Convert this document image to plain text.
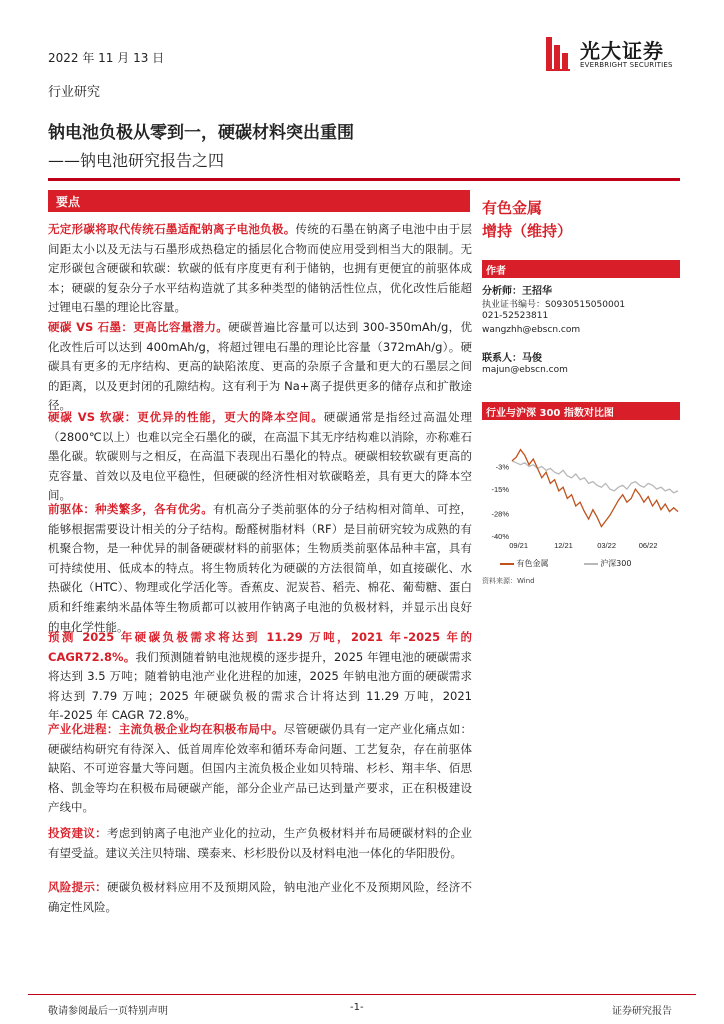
2022 年 11 月 13 日	光大证券
EVERBRIGHT SECURITIES
行业研究
钠电池负极从零到一，硬碳材料突出重围
——钠电池研究报告之四
要点
无定形碳将取代传统石墨适配钠离子电池负极。传统的石墨在钠离子电池中由于层间距太小以及无法与石墨形成热稳定的插层化合物而使应用受到相当大的限制。无定形碳包含硬碳和软碳：软碳的低有序度更有利于储钠，也拥有更便宜的前驱体成本；硬碳的复杂分子水平结构造就了其多种类型的储钠活性位点，优化改性后能超过锂电石墨的理论比容量。
硬碳 VS 石墨：更高比容量潜力。硬碳普遍比容量可以达到 300-350mAh/g，优化改性后可以达到 400mAh/g，将超过锂电石墨的理论比容量（372mAh/g）。硬碳具有更多的无序结构、更高的缺陷浓度、更高的杂原子含量和更大的石墨层之间的距离，以及更封闭的孔隙结构。这有利于为 Na+离子提供更多的储存点和扩散途径。
硬碳 VS 软碳：更优异的性能，更大的降本空间。硬碳通常是指经过高温处理（2800℃以上）也难以完全石墨化的碳，在高温下其无序结构难以消除，亦称难石墨化碳。软碳则与之相反，在高温下表现出石墨化的特点。硬碳相较软碳有更高的克容量、首效以及电位平稳性，但硬碳的经济性相对软碳略差，具有更大的降本空间。
前驱体：种类繁多，各有优劣。有机高分子类前驱体的分子结构相对简单、可控，能够根据需要设计相关的分子结构。酚醛树脂材料（RF）是目前研究较为成熟的有机聚合物，是一种优异的制备硬碳材料的前驱体；生物质类前驱体品种丰富，具有可持续使用、低成本的特点。将生物质转化为硬碳的方法很简单，如直接碳化、水热碳化（HTC）、物理或化学活化等。香蕉皮、泥炭苔、稻壳、棉花、葡萄糖、蛋白质和纤维素纳米晶体等生物质都可以被用作钠离子电池的负极材料，并显示出良好的电化学性能。
预测 2025 年硬碳负极需求将达到 11.29 万吨，2021 年-2025 年的 CAGR72.8%。我们预测随着钠电池规模的逐步提升，2025 年锂电池的硬碳需求将达到 3.5 万吨；随着钠电池产业化进程的加速，2025 年钠电池方面的硬碳需求将达到 7.79 万吨；2025 年硬碳负极的需求合计将达到 11.29 万吨，2021 年-2025 年 CAGR 72.8%。
产业化进程：主流负极企业均在积极布局中。尽管硬碳仍具有一定产业化痛点如：硬碳结构研究有待深入、低首周库伦效率和循环寿命问题、工艺复杂，存在前驱体缺陷、不可逆容量大等问题。但国内主流负极企业如贝特瑞、杉杉、翔丰华、佰思格、凯金等均在积极布局硬碳产能，部分企业产品已达到量产要求，正在积极建设产线中。
投资建议：考虑到钠离子电池产业化的拉动，生产负极材料并布局硬碳材料的企业有望受益。建议关注贝特瑞、璞泰来、杉杉股份以及材料电池一体化的华阳股份。
风险提示：硬碳负极材料应用不及预期风险，钠电池产业化不及预期风险，经济不确定性风险。
有色金属
增持（维持）
作者
分析师：王招华
执业证书编号：S0930515050001
021-52523811
wangzhh@ebscn.com
联系人：马俊
majun@ebscn.com
行业与沪深 300 指数对比图
-3%
-15%
-28%
-40%
09/21	12/21	03/22	06/22
有色金属	沪深300
资料来源：Wind
敬请参阅最后一页特别声明	-1-	证券研究报告
